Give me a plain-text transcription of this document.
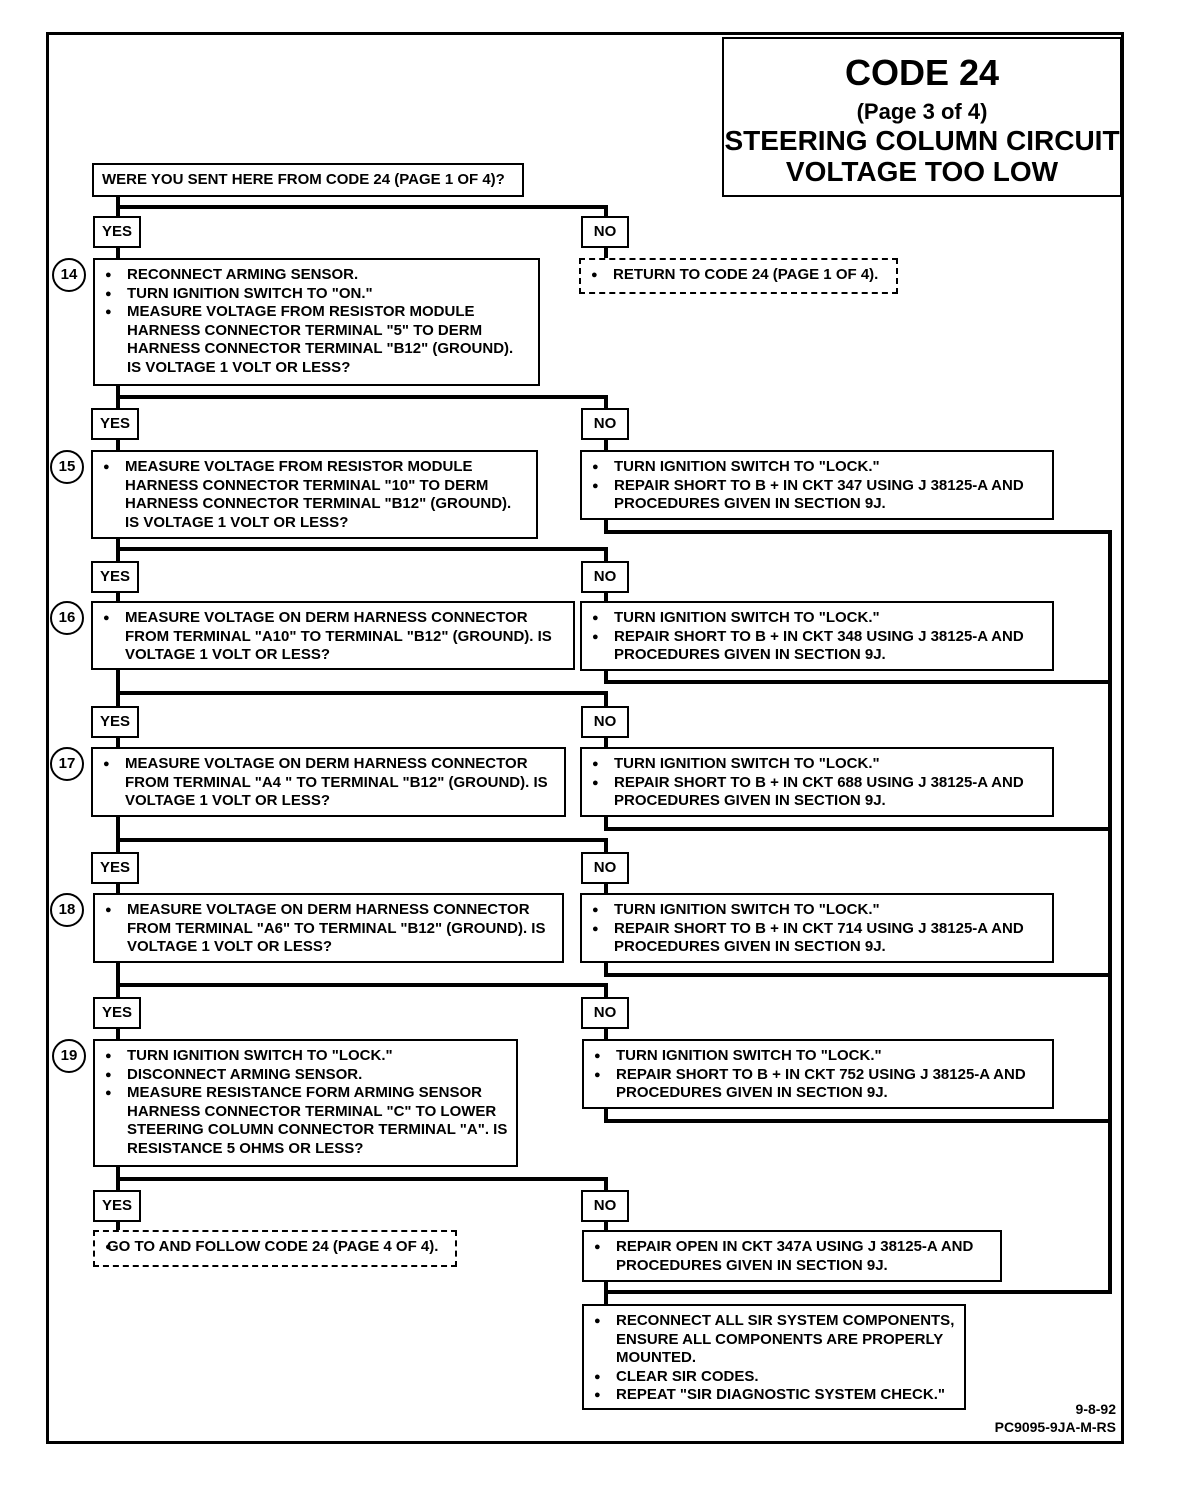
CODE 24
(Page 3 of 4)
STEERING COLUMN CIRCUIT
VOLTAGE TOO LOW
WERE YOU SENT HERE FROM CODE 24 (PAGE 1 OF 4)?
YES	NO
YES	NO
YES	NO
YES	NO
YES	NO
YES	NO
YES	NO
14
15
16
17
18
19
● RECONNECT ARMING SENSOR.
● TURN IGNITION SWITCH TO "ON."
● MEASURE VOLTAGE FROM RESISTOR MODULE HARNESS CONNECTOR TERMINAL "5" TO DERM HARNESS CONNECTOR TERMINAL "B12" (GROUND). IS VOLTAGE 1 VOLT OR LESS?
● MEASURE VOLTAGE FROM RESISTOR MODULE HARNESS CONNECTOR TERMINAL "10" TO DERM HARNESS CONNECTOR TERMINAL "B12" (GROUND). IS VOLTAGE 1 VOLT OR LESS?
● MEASURE VOLTAGE ON DERM HARNESS CONNECTOR FROM TERMINAL "A10" TO TERMINAL "B12" (GROUND). IS VOLTAGE 1 VOLT OR LESS?
● MEASURE VOLTAGE ON DERM HARNESS CONNECTOR FROM TERMINAL "A4 " TO TERMINAL "B12" (GROUND). IS VOLTAGE 1 VOLT OR LESS?
● MEASURE VOLTAGE ON DERM HARNESS CONNECTOR FROM TERMINAL "A6" TO TERMINAL "B12" (GROUND). IS VOLTAGE 1 VOLT OR LESS?
● TURN IGNITION SWITCH TO "LOCK."
● DISCONNECT ARMING SENSOR.
● MEASURE RESISTANCE FORM ARMING SENSOR HARNESS CONNECTOR TERMINAL "C" TO LOWER STEERING COLUMN CONNECTOR TERMINAL "A". IS RESISTANCE 5 OHMS OR LESS?
● RETURN TO CODE 24 (PAGE 1 OF 4).
● TURN IGNITION SWITCH TO "LOCK."
● REPAIR SHORT TO B + IN CKT 347 USING J 38125-A AND PROCEDURES GIVEN IN SECTION 9J.
● TURN IGNITION SWITCH TO "LOCK."
● REPAIR SHORT TO B + IN CKT 348 USING J 38125-A AND PROCEDURES GIVEN IN SECTION 9J.
● TURN IGNITION SWITCH TO "LOCK."
● REPAIR SHORT TO B + IN CKT 688 USING J 38125-A AND PROCEDURES GIVEN IN SECTION 9J.
● TURN IGNITION SWITCH TO "LOCK."
● REPAIR SHORT TO B + IN CKT 714 USING J 38125-A AND PROCEDURES GIVEN IN SECTION 9J.
● TURN IGNITION SWITCH TO "LOCK."
● REPAIR SHORT TO B + IN CKT 752 USING J 38125-A AND PROCEDURES GIVEN IN SECTION 9J.
● GO TO AND FOLLOW CODE 24 (PAGE 4 OF 4).
●	REPAIR OPEN IN CKT 347A USING J 38125-A AND PROCEDURES GIVEN IN SECTION 9J.
● RECONNECT ALL SIR SYSTEM COMPONENTS, ENSURE ALL COMPONENTS ARE PROPERLY MOUNTED.
● CLEAR SIR CODES.
● REPEAT "SIR DIAGNOSTIC SYSTEM CHECK."
9-8-92
PC9095-9JA-M-RS
